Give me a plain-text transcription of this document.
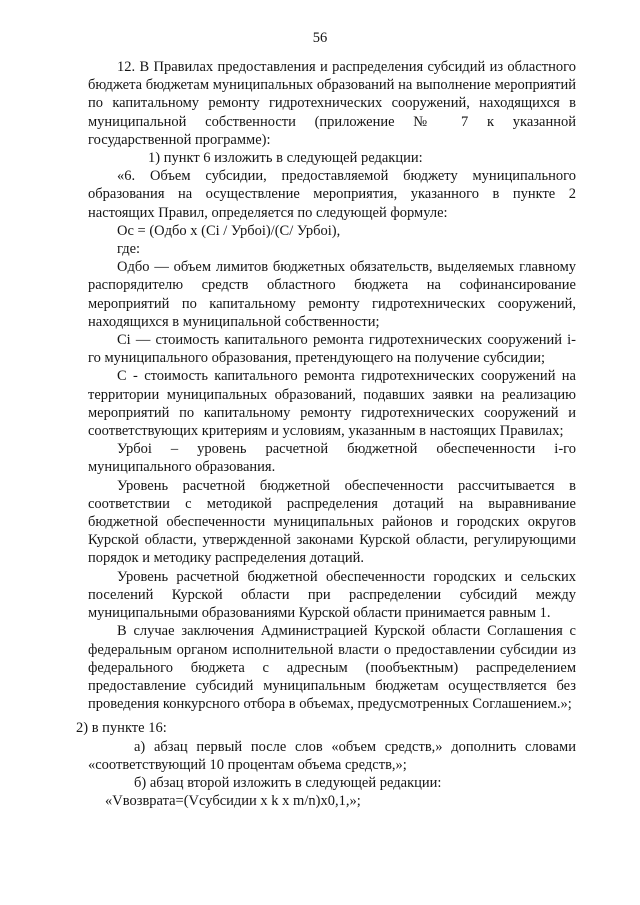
56

12. В Правилах предоставления и распределения субсидий из областного бюджета бюджетам муниципальных образований на выполнение мероприятий по капитальному ремонту гидротехнических сооружений, находящихся в муниципальной собственности (приложение № 7 к указанной государственной программе):

1) пункт 6 изложить в следующей редакции:

«6. Объем субсидии, предоставляемой бюджету муниципального образования на осуществление мероприятия, указанного в пункте 2 настоящих Правил, определяется по следующей формуле:

Ос = (Oдбо x (Ci / Урбoi)/(C/ Урбoi),

где:

Oдбо — объем лимитов бюджетных обязательств, выделяемых главному распорядителю средств областного бюджета на софинансирование мероприятий по капитальному ремонту гидротехнических сооружений, находящихся в муниципальной собственности;

Ci — стоимость капитального ремонта гидротехнических сооружений i-го муниципального образования, претендующего на получение субсидии;

С - стоимость капитального ремонта гидротехнических сооружений на территории муниципальных образований, подавших заявки на реализацию мероприятий по капитальному ремонту гидротехнических сооружений и соответствующих критериям и условиям, указанным в настоящих Правилах;

Урбoi – уровень расчетной бюджетной обеспеченности i-го муниципального образования.

Уровень расчетной бюджетной обеспеченности рассчитывается в соответствии с методикой распределения дотаций на выравнивание бюджетной обеспеченности муниципальных районов и городских округов Курской области, утвержденной законами Курской области, регулирующими порядок и методику распределения дотаций.

Уровень расчетной бюджетной обеспеченности городских и сельских поселений Курской области при распределении субсидий между муниципальными образованиями Курской области принимается равным 1.

В случае заключения Администрацией Курской области Соглашения с федеральным органом исполнительной власти о предоставлении субсидии из федерального бюджета с адресным (пообъектным) распределением предоставление субсидий муниципальным бюджетам осуществляется без проведения конкурсного отбора в объемах, предусмотренных Соглашением.»;

2) в пункте 16:

а) абзац первый после слов «объем средств,» дополнить словами «соответствующий 10 процентам объема средств,»;

б) абзац второй изложить в следующей редакции:

«Vвозврата=(Vсубсидии x k x m/n)x0,1,»;
